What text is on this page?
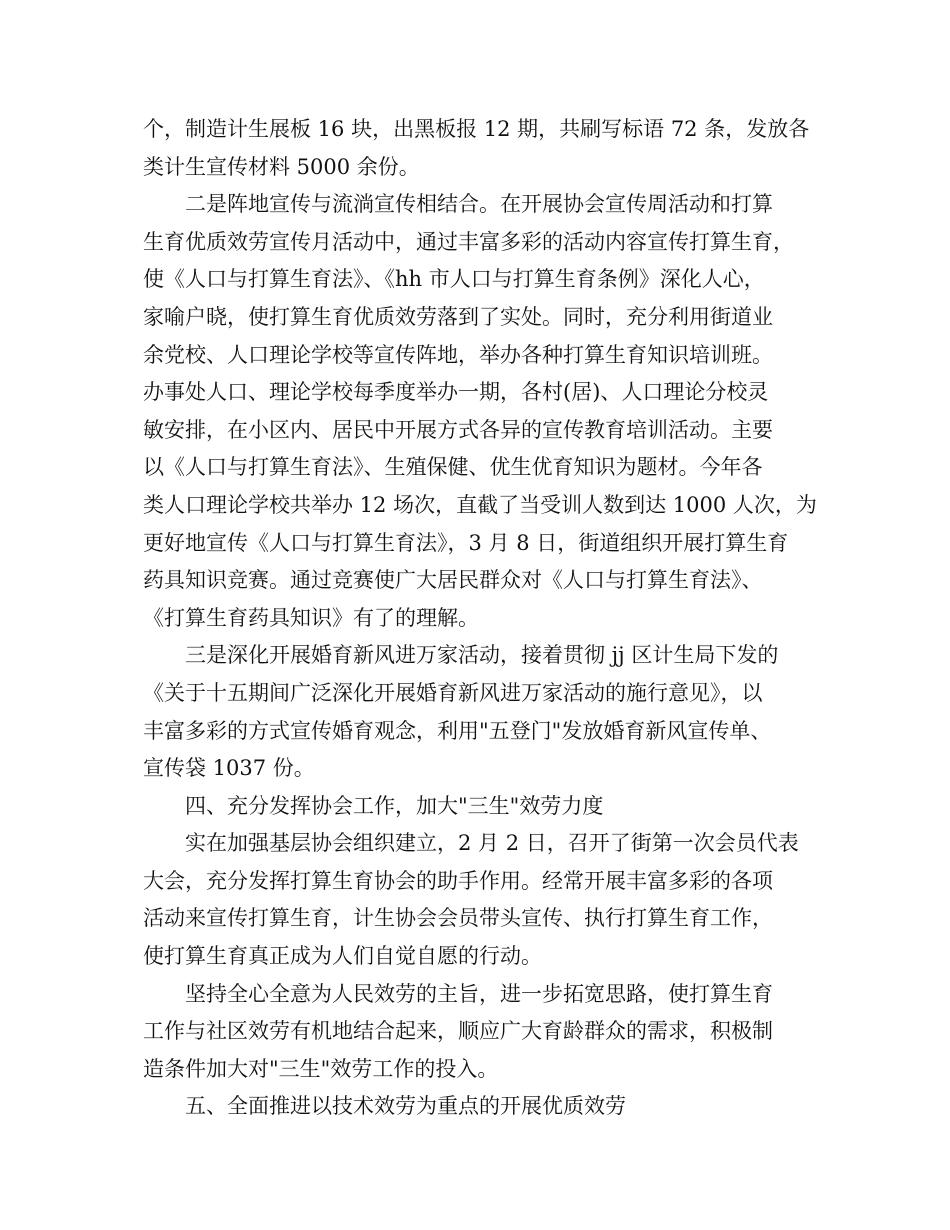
个，制造计生展板 16 块，出黑板报 12 期，共刷写标语 72 条，发放各
类计生宣传材料 5000 余份。
二是阵地宣传与流淌宣传相结合。在开展协会宣传周活动和打算
生育优质效劳宣传月活动中，通过丰富多彩的活动内容宣传打算生育，
使《人口与打算生育法》、《hh 市人口与打算生育条例》深化人心，
家喻户晓，使打算生育优质效劳落到了实处。同时，充分利用街道业
余党校、人口理论学校等宣传阵地，举办各种打算生育知识培训班。
办事处人口、理论学校每季度举办一期，各村(居)、人口理论分校灵
敏安排，在小区内、居民中开展方式各异的宣传教育培训活动。主要
以《人口与打算生育法》、生殖保健、优生优育知识为题材。今年各
类人口理论学校共举办 12 场次，直截了当受训人数到达 1000 人次，为
更好地宣传《人口与打算生育法》，3 月 8 日，街道组织开展打算生育
药具知识竞赛。通过竞赛使广大居民群众对《人口与打算生育法》、
《打算生育药具知识》有了的理解。
三是深化开展婚育新风进万家活动，接着贯彻 jj 区计生局下发的
《关于十五期间广泛深化开展婚育新风进万家活动的施行意见》，以
丰富多彩的方式宣传婚育观念，利用"五登门"发放婚育新风宣传单、
宣传袋 1037 份。
四、充分发挥协会工作，加大"三生"效劳力度
实在加强基层协会组织建立，2 月 2 日，召开了街第一次会员代表
大会，充分发挥打算生育协会的助手作用。经常开展丰富多彩的各项
活动来宣传打算生育，计生协会会员带头宣传、执行打算生育工作，
使打算生育真正成为人们自觉自愿的行动。
坚持全心全意为人民效劳的主旨，进一步拓宽思路，使打算生育
工作与社区效劳有机地结合起来，顺应广大育龄群众的需求，积极制
造条件加大对"三生"效劳工作的投入。
五、全面推进以技术效劳为重点的开展优质效劳
